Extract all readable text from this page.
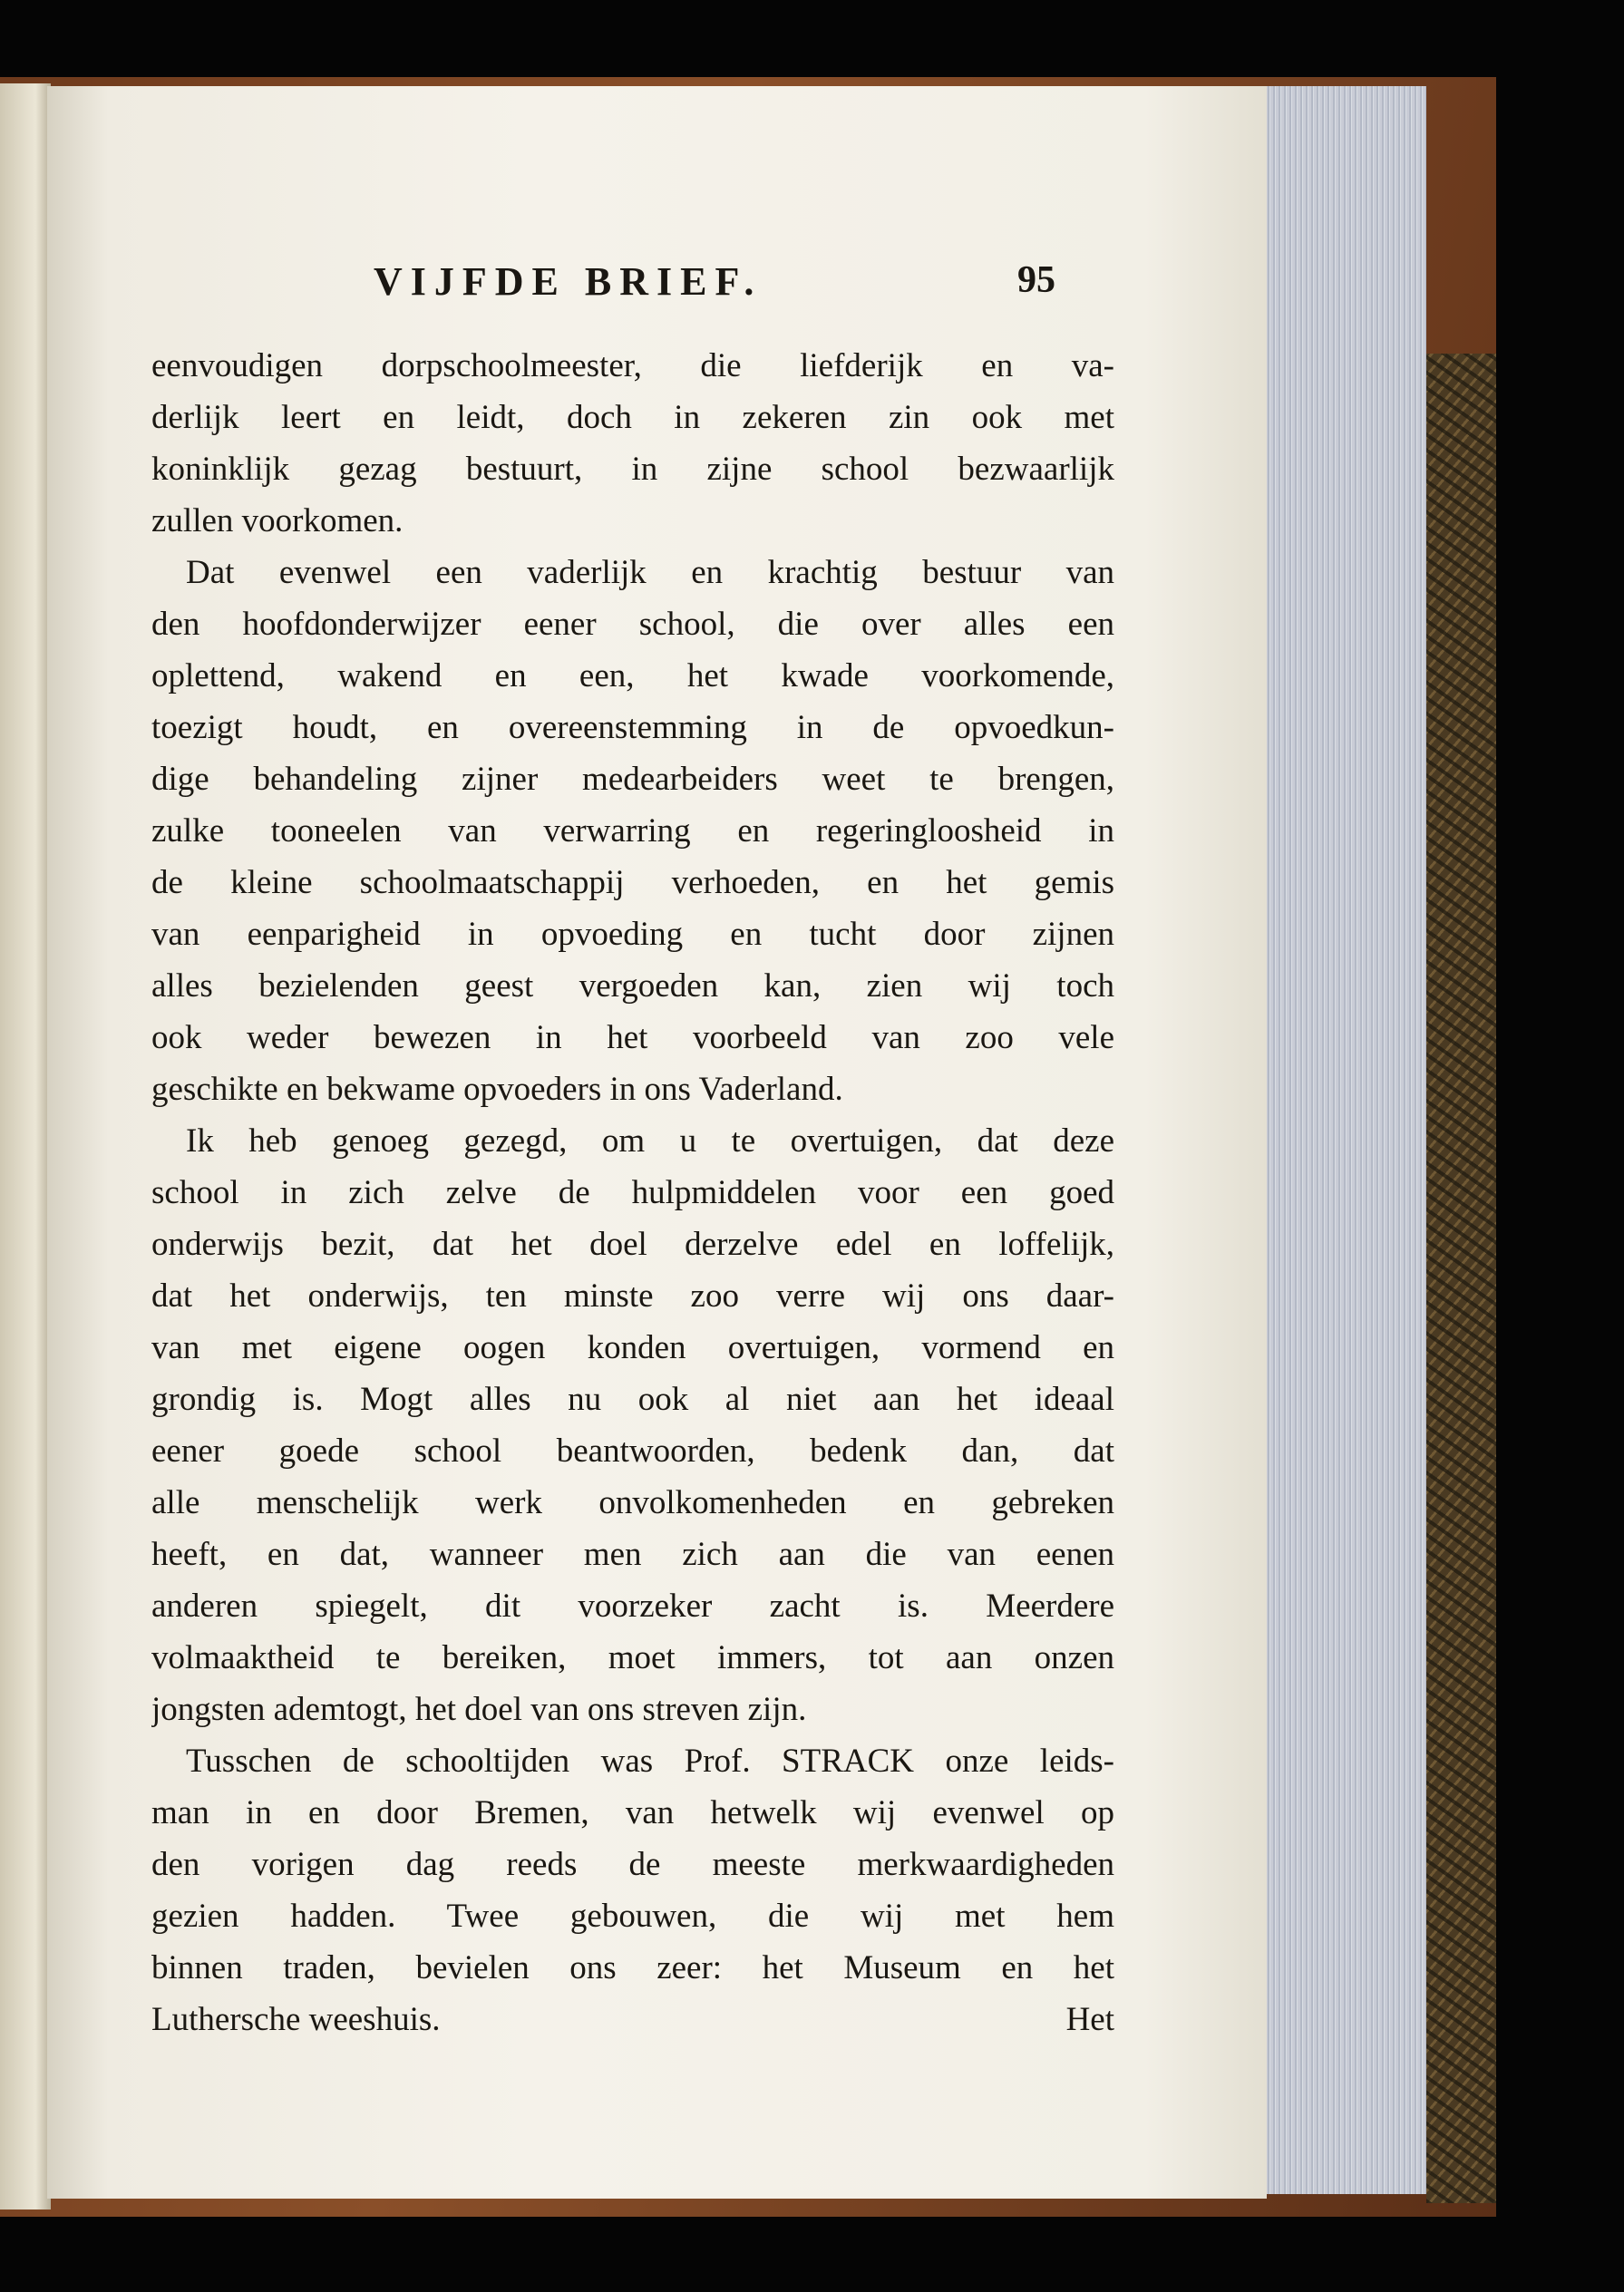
VIJFDE BRIEF.	95
eenvoudigen dorpschoolmeester, die liefderijk en va-
derlijk leert en leidt, doch in zekeren zin ook met
koninklijk gezag bestuurt, in zijne school bezwaarlijk
zullen voorkomen.
Dat evenwel een vaderlijk en krachtig bestuur van
den hoofdonderwijzer eener school, die over alles een
oplettend, wakend en een, het kwade voorkomende,
toezigt houdt, en overeenstemming in de opvoedkun-
dige behandeling zijner medearbeiders weet te brengen,
zulke tooneelen van verwarring en regeringloosheid in
de kleine schoolmaatschappij verhoeden, en het gemis
van eenparigheid in opvoeding en tucht door zijnen
alles bezielenden geest vergoeden kan, zien wij toch
ook weder bewezen in het voorbeeld van zoo vele
geschikte en bekwame opvoeders in ons Vaderland.
Ik heb genoeg gezegd, om u te overtuigen, dat deze
school in zich zelve de hulpmiddelen voor een goed
onderwijs bezit, dat het doel derzelve edel en loffelijk,
dat het onderwijs, ten minste zoo verre wij ons daar-
van met eigene oogen konden overtuigen, vormend en
grondig is. Mogt alles nu ook al niet aan het ideaal
eener goede school beantwoorden, bedenk dan, dat
alle menschelijk werk onvolkomenheden en gebreken
heeft, en dat, wanneer men zich aan die van eenen
anderen spiegelt, dit voorzeker zacht is. Meerdere
volmaaktheid te bereiken, moet immers, tot aan onzen
jongsten ademtogt, het doel van ons streven zijn.
Tusschen de schooltijden was Prof. STRACK onze leids-
man in en door Bremen, van hetwelk wij evenwel op
den vorigen dag reeds de meeste merkwaardigheden
gezien hadden. Twee gebouwen, die wij met hem
binnen traden, bevielen ons zeer: het Museum en het
Luthersche weeshuis.	Het
